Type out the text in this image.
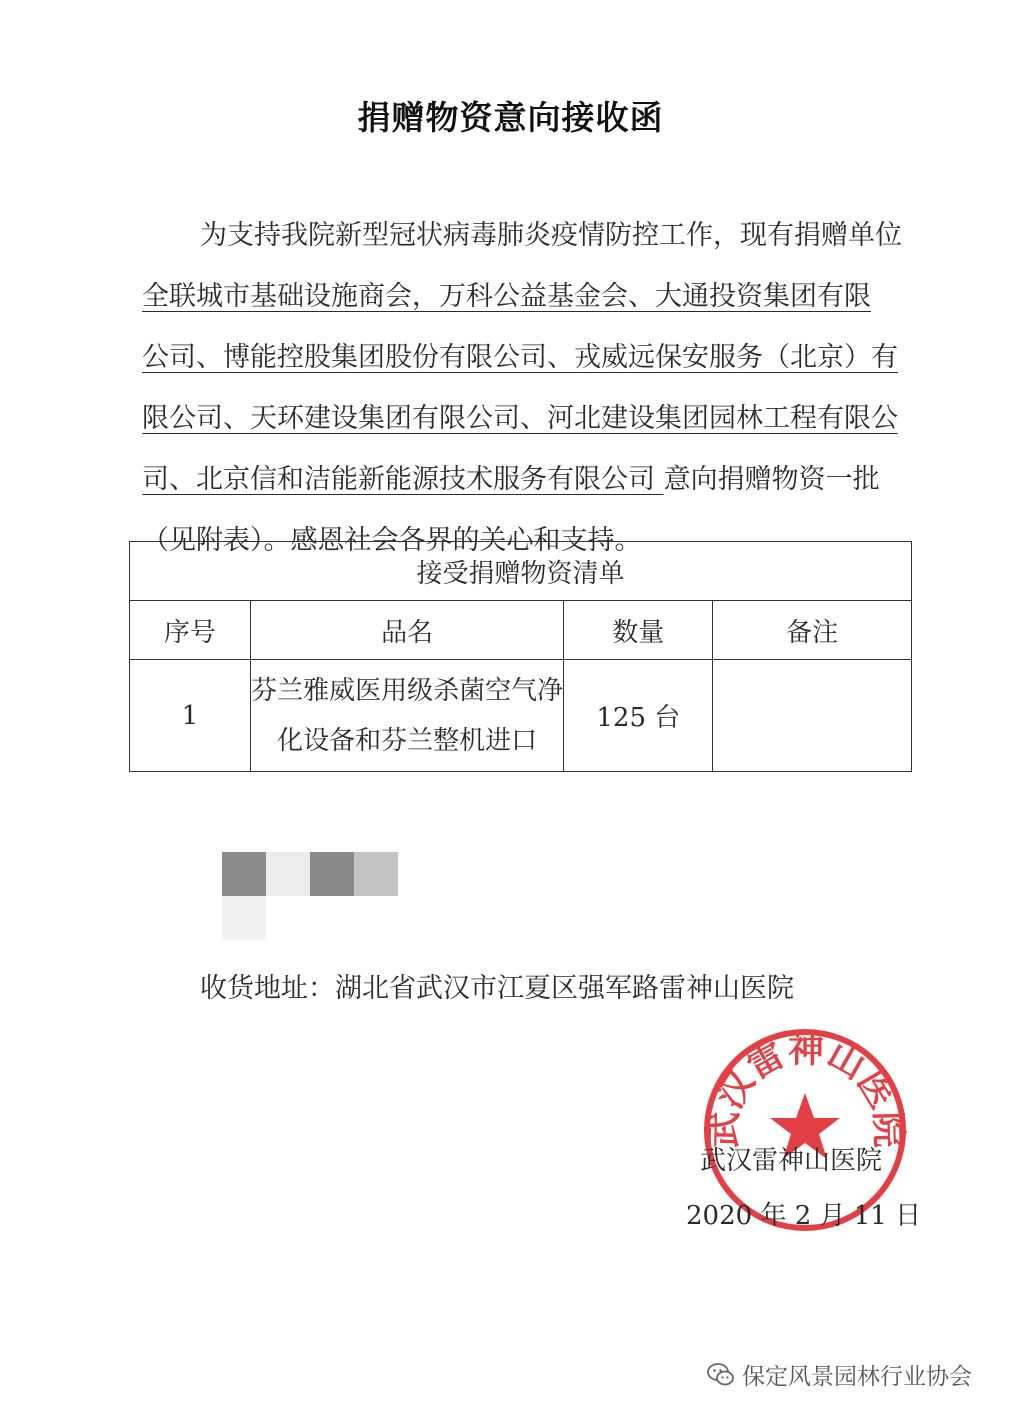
捐赠物资意向接收函
为支持我院新型冠状病毒肺炎疫情防控工作，现有捐赠单位
全联城市基础设施商会，万科公益基金会、大通投资集团有限
公司、博能控股集团股份有限公司、戎威远保安服务（北京）有
限公司、天环建设集团有限公司、河北建设集团园林工程有限公
司、北京信和洁能新能源技术服务有限公司 意向捐赠物资一批
（见附表）。感恩社会各界的关心和支持。
接受捐赠物资清单			
序号	品名	数量	备注
1	芬兰雅威医用级杀菌空气净
化设备和芬兰整机进口	125 台	
收货地址：湖北省武汉市江夏区强军路雷神山医院
武汉雷神山医院
武汉雷神山医院
2020 年 2 月 11 日
保定风景园林行业协会
